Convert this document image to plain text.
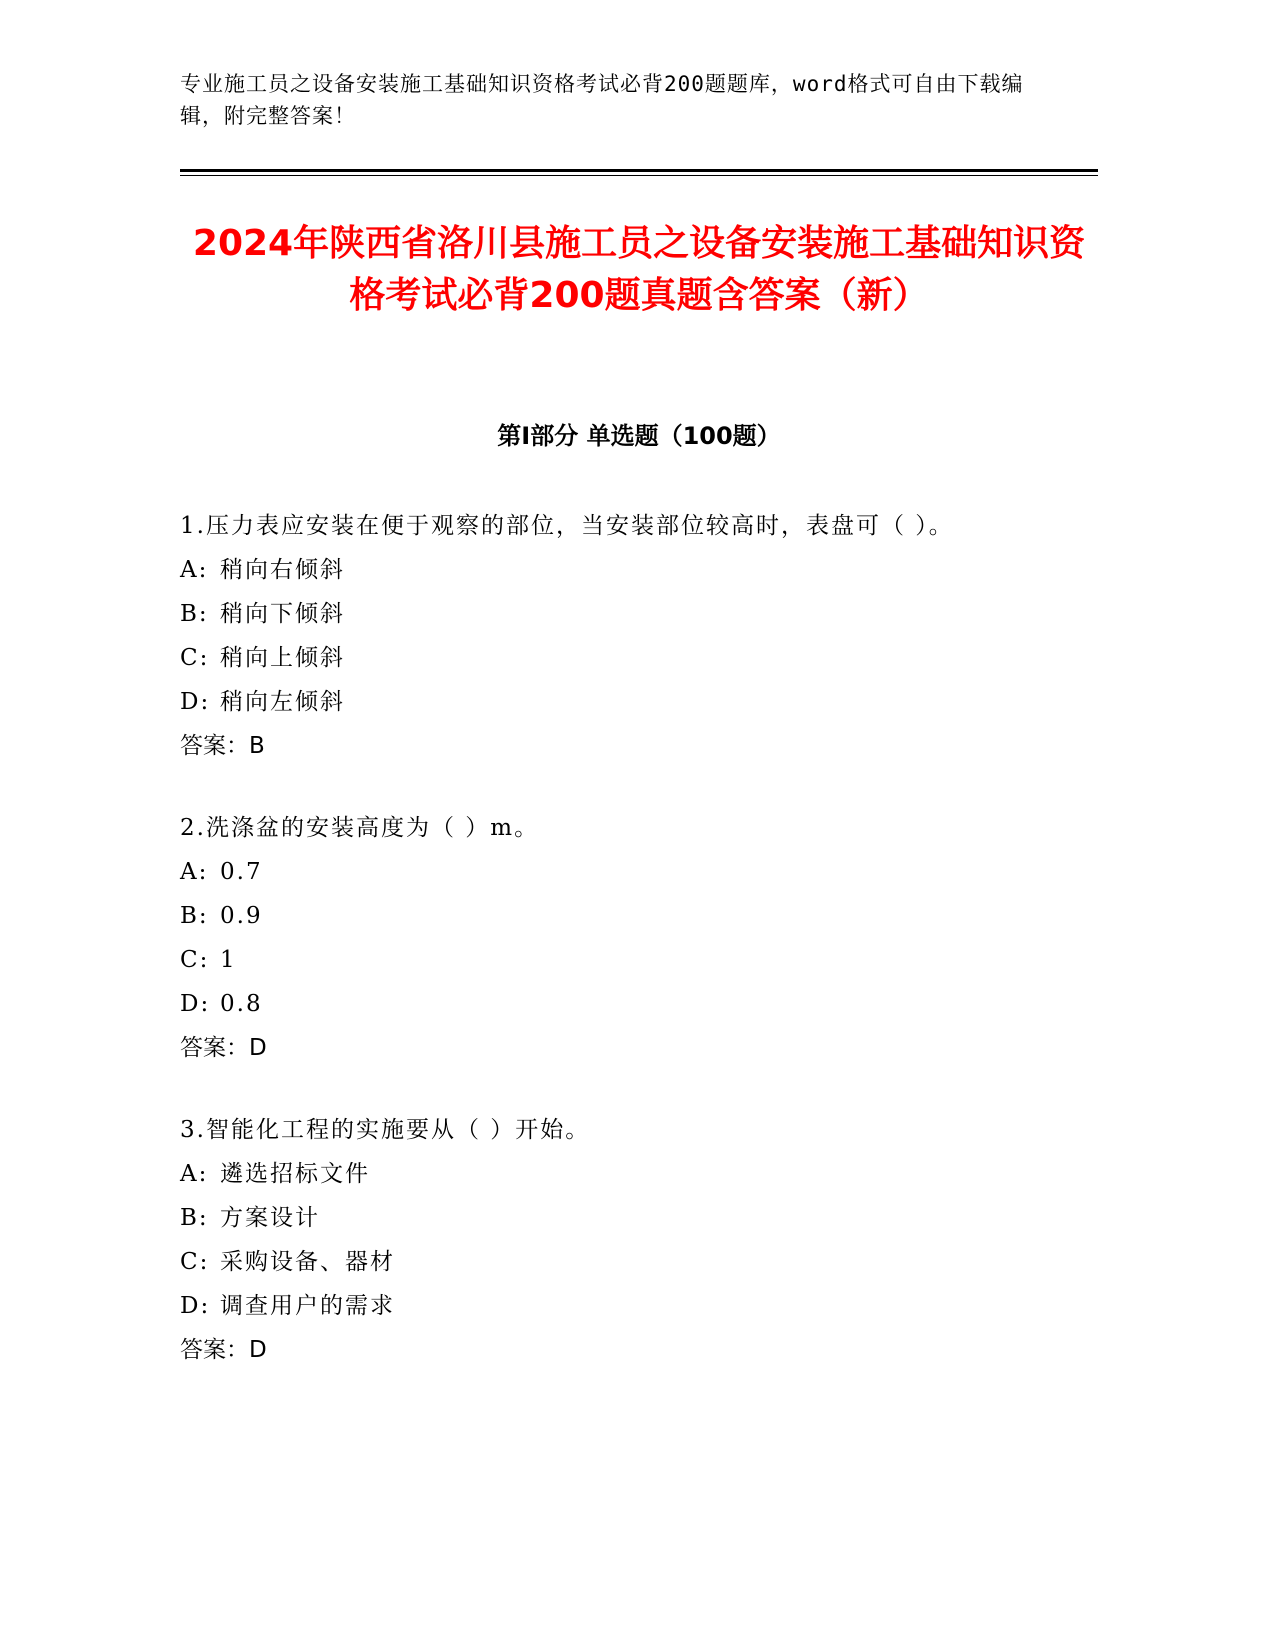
专业施工员之设备安装施工基础知识资格考试必背200题题库，word格式可自由下载编辑，附完整答案！
2024年陕西省洛川县施工员之设备安装施工基础知识资格考试必背200题真题含答案（新）
第I部分 单选题（100题）

1.压力表应安装在便于观察的部位，当安装部位较高时，表盘可（ ）。

A: 稍向右倾斜

B: 稍向下倾斜

C: 稍向上倾斜

D: 稍向左倾斜

答案：B

2.洗涤盆的安装高度为（ ）m。

A: 0.7

B: 0.9

C: 1

D: 0.8

答案：D

3.智能化工程的实施要从（ ）开始。

A: 遴选招标文件

B: 方案设计

C: 采购设备、器材

D: 调查用户的需求

答案：D
